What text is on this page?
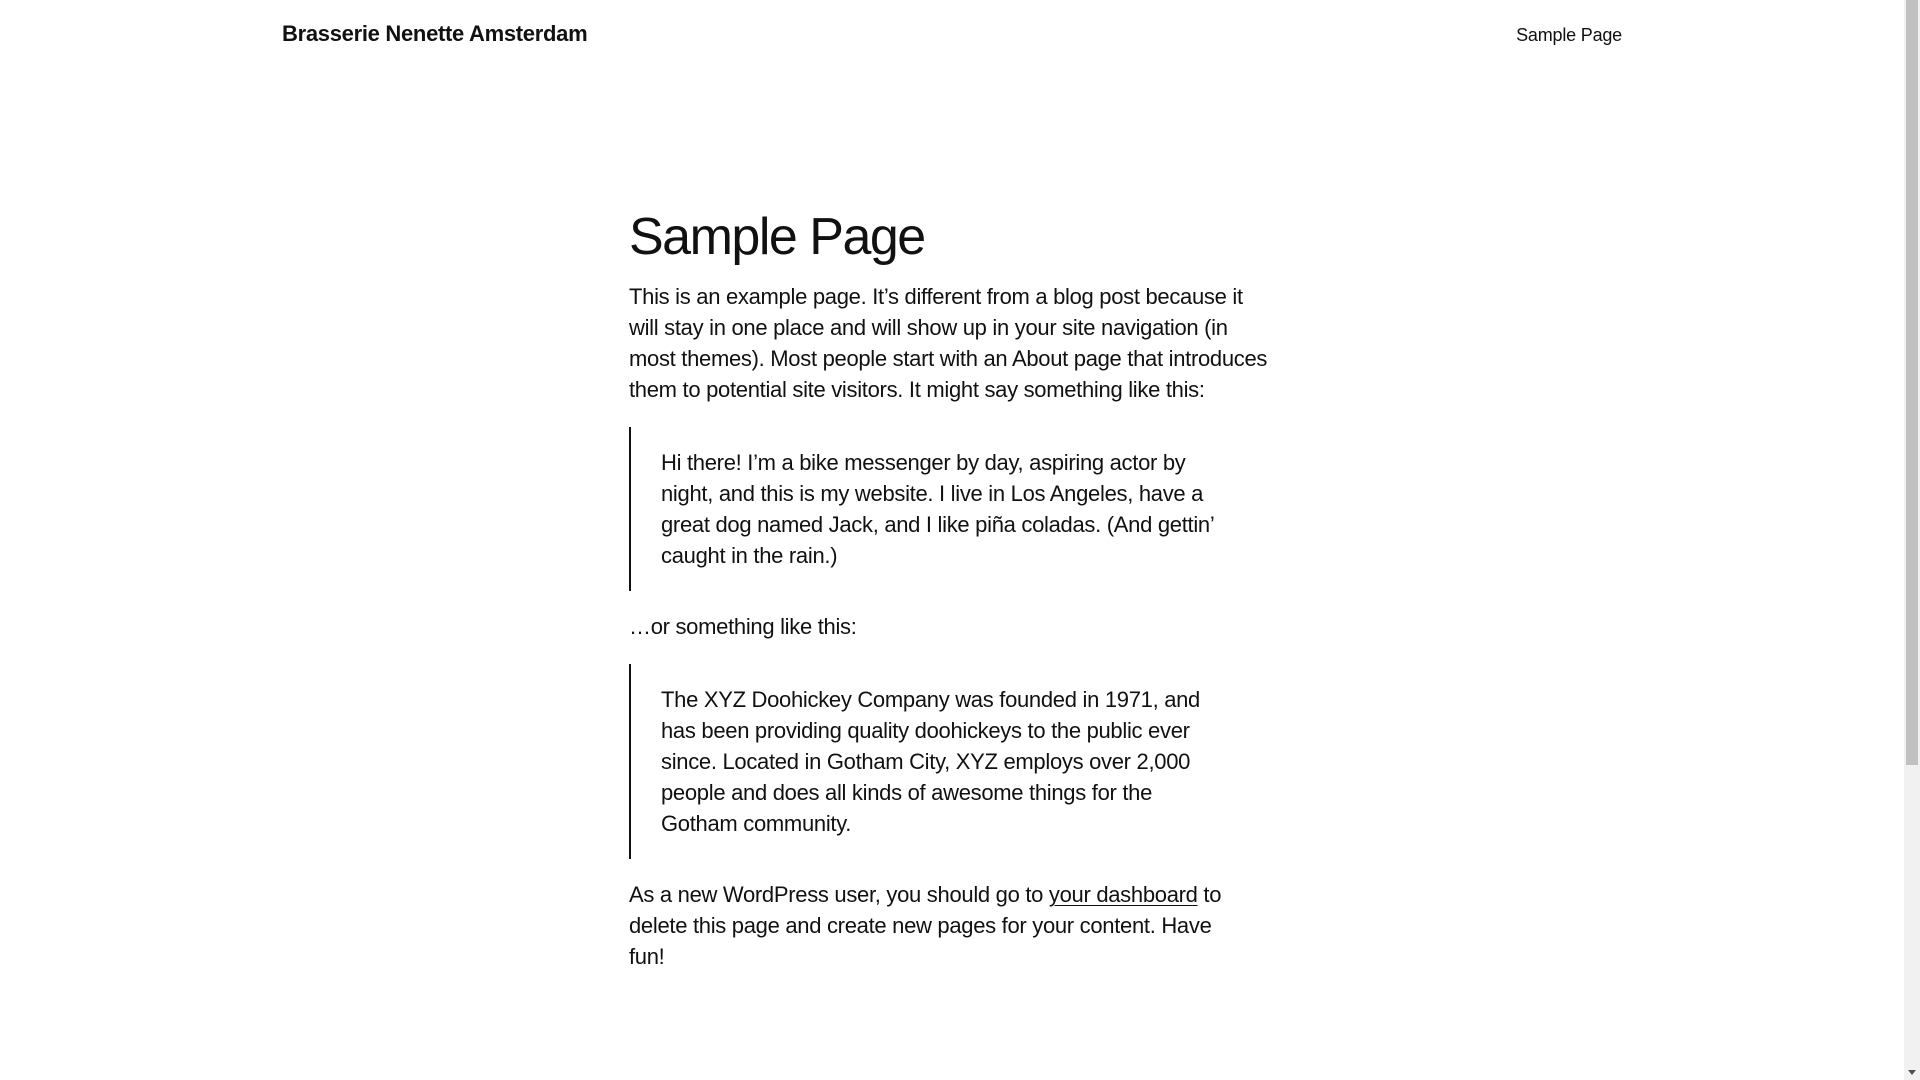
Brasserie Nenette Amsterdam	Sample Page
Sample Page

This is an example page. It’s different from a blog post because it will stay in one place and will show up in your site navigation (in most themes). Most people start with an About page that introduces them to potential site visitors. It might say something like this:

Hi there! I’m a bike messenger by day, aspiring actor by night, and this is my website. I live in Los Angeles, have a great dog named Jack, and I like piña coladas. (And gettin’ caught in the rain.)

…or something like this:

The XYZ Doohickey Company was founded in 1971, and has been providing quality doohickeys to the public ever since. Located in Gotham City, XYZ employs over 2,000 people and does all kinds of awesome things for the Gotham community.

As a new WordPress user, you should go to your dashboard to delete this page and create new pages for your content. Have fun!
